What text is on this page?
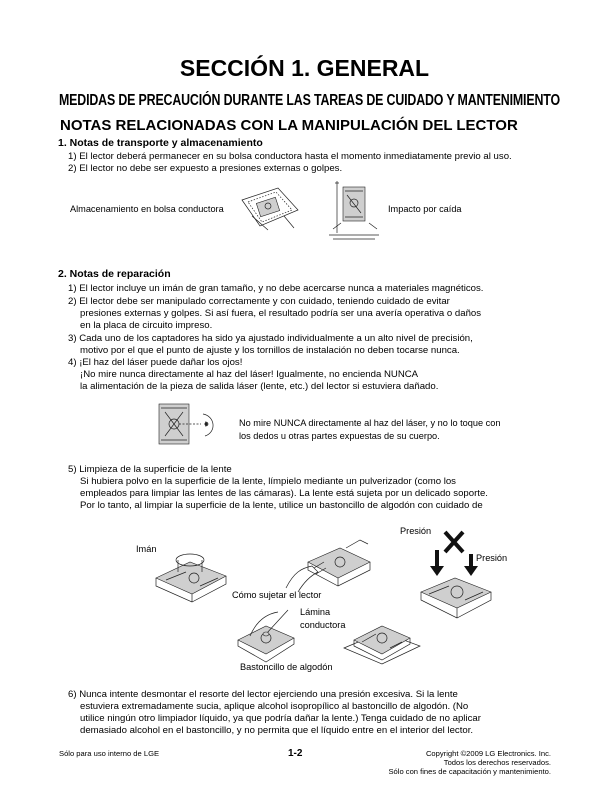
SECCIÓN 1. GENERAL
MEDIDAS DE PRECAUCIÓN DURANTE LAS TAREAS DE CUIDADO Y MANTENIMIENTO
NOTAS RELACIONADAS CON LA MANIPULACIÓN DEL LECTOR
1. Notas de transporte y almacenamiento
1) El lector deberá permanecer en su bolsa conductora hasta el momento inmediatamente previo al uso.
2) El lector no debe ser expuesto a presiones externas o golpes.
Almacenamiento en bolsa conductora	Impacto por caída
2. Notas de reparación
1) El lector incluye un imán de gran tamaño, y no debe acercarse nunca a materiales magnéticos.
2) El lector debe ser manipulado correctamente y con cuidado, teniendo cuidado de evitar
presiones externas y golpes. Si así fuera, el resultado podría ser una avería operativa o daños
en la placa de circuito impreso.
3) Cada uno de los captadores ha sido ya ajustado individualmente a un alto nivel de precisión,
motivo por el que el punto de ajuste y los tornillos de instalación no deben tocarse nunca.
4) ¡El haz del láser puede dañar los ojos!
¡No mire nunca directamente al haz del láser! Igualmente, no encienda NUNCA
la alimentación de la pieza de salida láser (lente, etc.) del lector si estuviera dañado.
No mire NUNCA directamente al haz del láser, y no lo toque con
los dedos u otras partes expuestas de su cuerpo.
5) Limpieza de la superficie de la lente
Si hubiera polvo en la superficie de la lente, límpielo mediante un pulverizador (como los
empleados para limpiar las lentes de las cámaras). La lente está sujeta por un delicado soporte.
Por lo tanto, al limpiar la superficie de la lente, utilice un bastoncillo de algodón con cuidado de
Presión
Imán
Presión
Cómo sujetar el lector
Lámina
conductora
Bastoncillo de algodón
6) Nunca intente desmontar el resorte del lector ejerciendo una presión excesiva. Si la lente
estuviera extremadamente sucia, aplique alcohol isopropílico al bastoncillo de algodón. (No
utilice ningún otro limpiador líquido, ya que podría dañar la lente.) Tenga cuidado de no aplicar
demasiado alcohol en el bastoncillo, y no permita que el líquido entre en el interior del lector.
Sólo para uso interno de LGE	1-2	Copyright ©2009 LG Electronics. Inc.
Todos los derechos reservados.
Sólo con fines de capacitación y mantenimiento.
